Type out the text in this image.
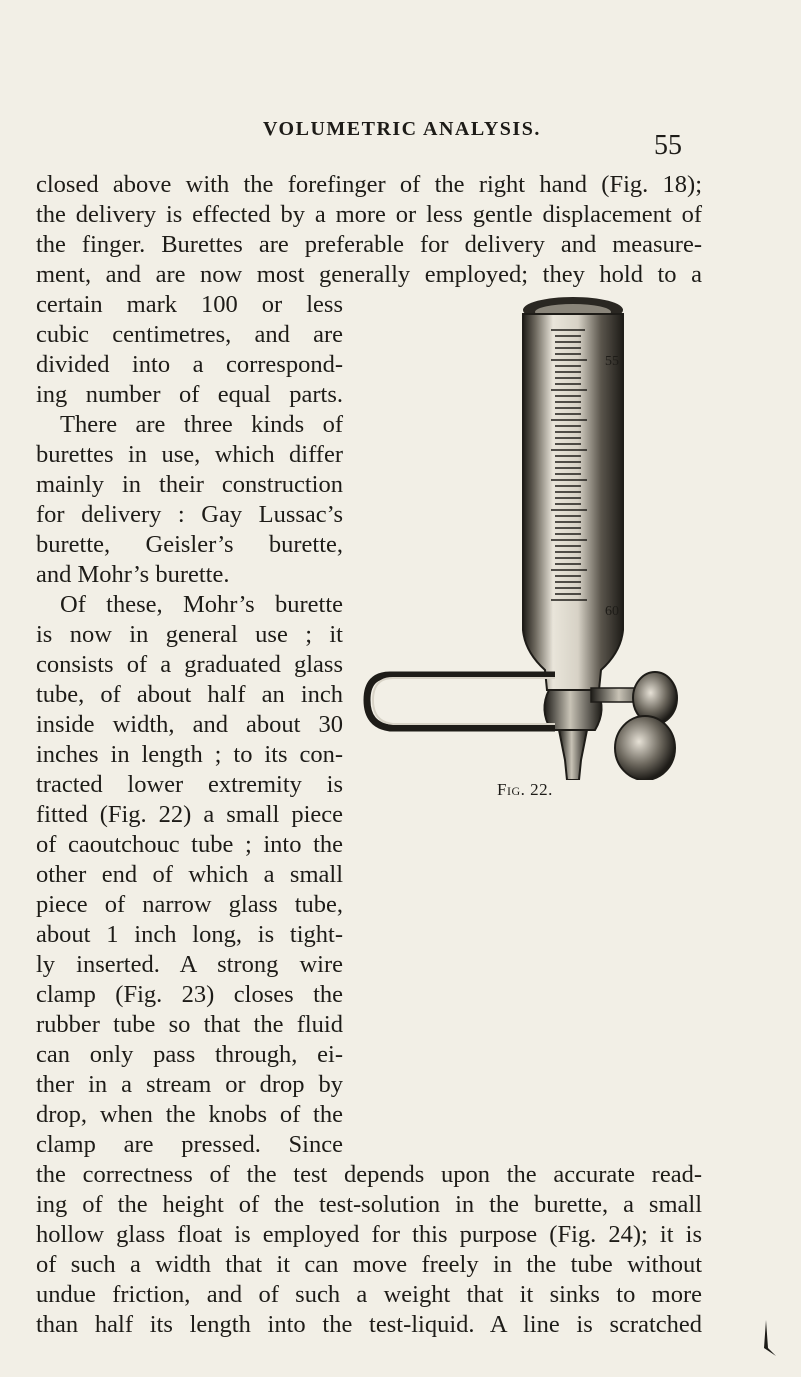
VOLUMETRIC ANALYSIS.
55
closed above with the forefinger of the right hand (Fig. 18);
the delivery is effected by a more or less gentle displacement of
the finger. Burettes are preferable for delivery and measure-
ment, and are now most generally employed; they hold to a
certain mark 100 or less
cubic centimetres, and are
divided into a correspond-
ing number of equal parts.
There are three kinds of
burettes in use, which differ
mainly in their construction
for delivery : Gay Lussac’s
burette, Geisler’s burette,
and Mohr’s burette.
Of these, Mohr’s burette
is now in general use ; it
consists of a graduated glass
tube, of about half an inch
inside width, and about 30
inches in length ; to its con-
tracted lower extremity is
fitted (Fig. 22) a small piece
of caoutchouc tube ; into the
other end of which a small
piece of narrow glass tube,
about 1 inch long, is tight-
ly inserted. A strong wire
clamp (Fig. 23) closes the
rubber tube so that the fluid
can only pass through, ei-
ther in a stream or drop by
drop, when the knobs of the
clamp are pressed. Since
the correctness of the test depends upon the accurate read-
ing of the height of the test-solution in the burette, a small
hollow glass float is employed for this purpose (Fig. 24); it is
of such a width that it can move freely in the tube without
undue friction, and of such a weight that it sinks to more
than half its length into the test-liquid. A line is scratched
55
60
Fig. 22.
